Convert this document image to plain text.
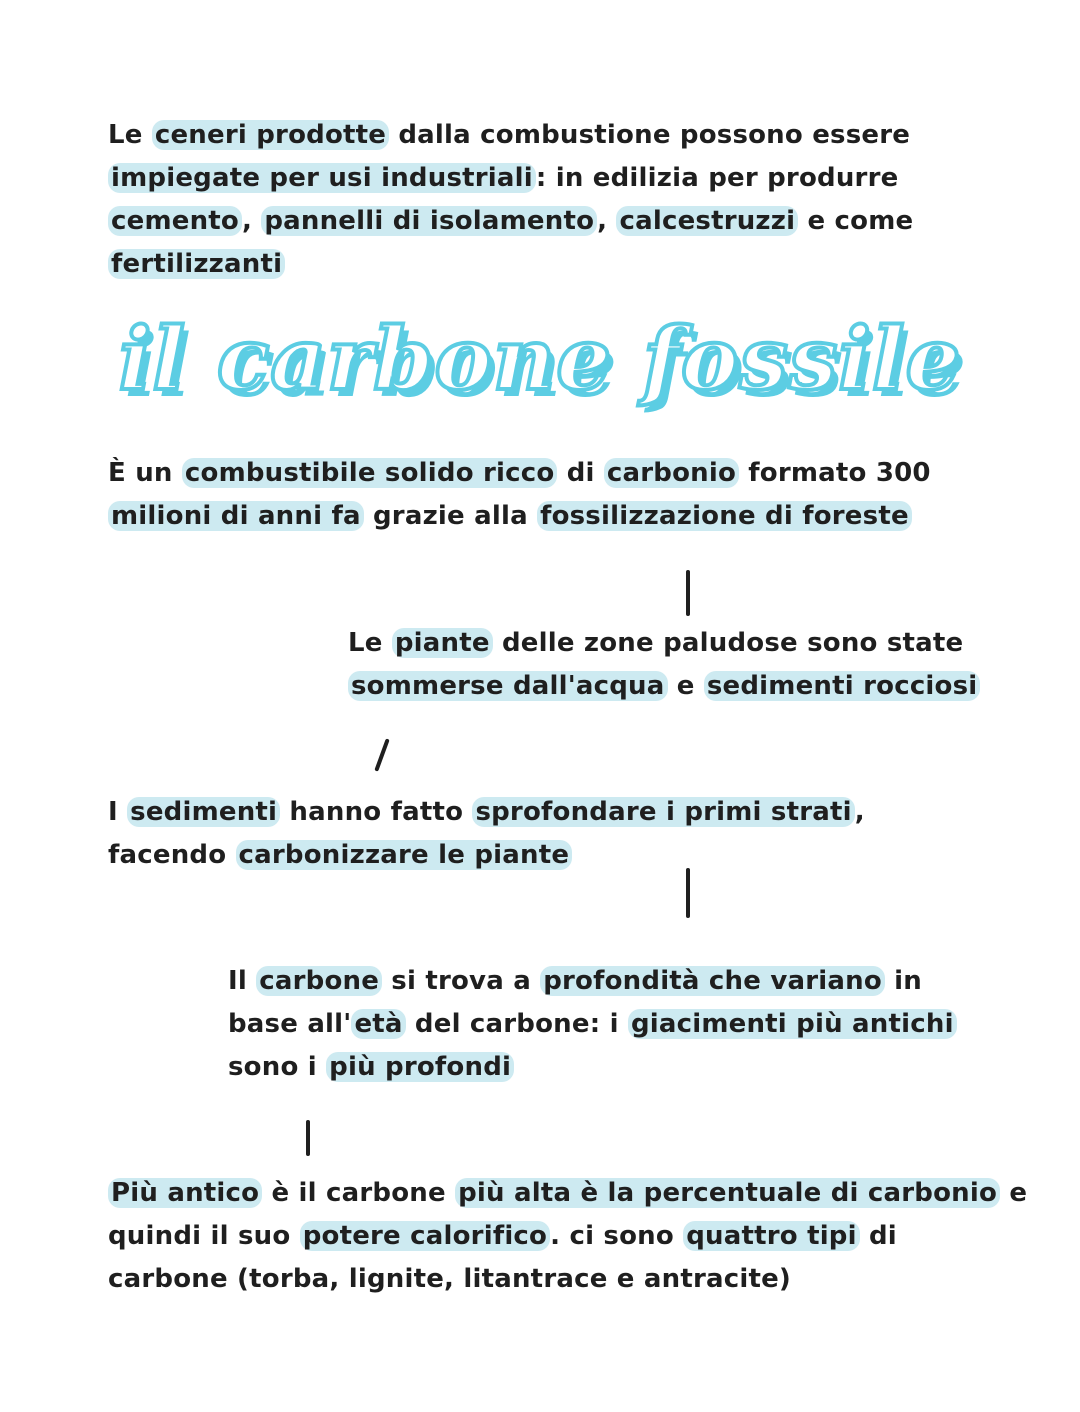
Le ceneri prodotte dalla combustione possono essere
impiegate per usi industriali : in edilizia per produrre
cemento , pannelli di isolamento , calcestruzzi e come
fertilizzanti
il carbone fossile
È un combustibile solido ricco di carbonio formato 300
milioni di anni fa grazie alla fossilizzazione di foreste
Le piante delle zone paludose sono state
sommerse dall'acqua e sedimenti rocciosi
I sedimenti hanno fatto sprofondare i primi strati ,
facendo carbonizzare le piante
Il carbone si trova a profondità che variano in
base all' età del carbone: i giacimenti più antichi
sono i più profondi
Più antico è il carbone più alta è la percentuale di carbonio e
quindi il suo potere calorifico . ci sono quattro tipi di
carbone (torba, lignite, litantrace e antracite)
